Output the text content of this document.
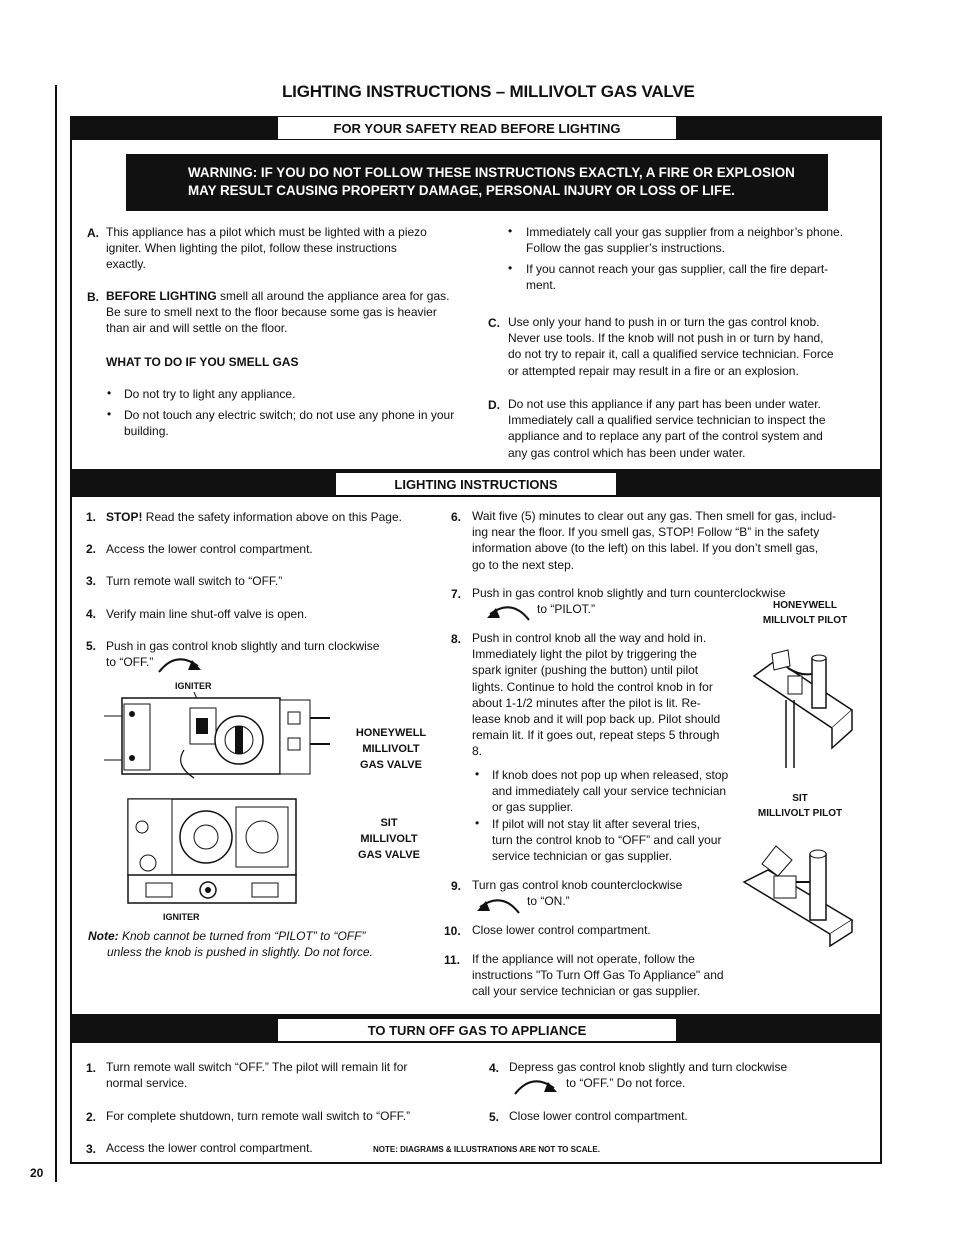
20
LIGHTING INSTRUCTIONS – MILLIVOLT GAS VALVE
FOR YOUR SAFETY READ BEFORE LIGHTING
WARNING: IF YOU DO NOT FOLLOW THESE INSTRUCTIONS EXACTLY, A FIRE OR EXPLOSION
MAY RESULT CAUSING PROPERTY DAMAGE, PERSONAL INJURY OR LOSS OF LIFE.
A. This appliance has a pilot which must be lighted with a piezo
igniter. When lighting the pilot, follow these instructions
exactly.
B. BEFORE LIGHTING smell all around the appliance area for gas.
Be sure to smell next to the floor because some gas is heavier
than air and will settle on the floor.
WHAT TO DO IF YOU SMELL GAS
• Do not try to light any appliance.
• Do not touch any electric switch; do not use any phone in your
building.
• Immediately call your gas supplier from a neighbor’s phone.
Follow the gas supplier’s instructions.
• If you cannot reach your gas supplier, call the fire depart-
ment.
C. Use only your hand to push in or turn the gas control knob.
Never use tools. If the knob will not push in or turn by hand,
do not try to repair it, call a qualified service technician. Force
or attempted repair may result in a fire or an explosion.
D. Do not use this appliance if any part has been under water.
Immediately call a qualified service technician to inspect the
appliance and to replace any part of the control system and
any gas control which has been under water.
LIGHTING INSTRUCTIONS
1. STOP! Read the safety information above on this Page.
2. Access the lower control compartment.
3. Turn remote wall switch to “OFF.”
4. Verify main line shut-off valve is open.
5. Push in gas control knob slightly and turn clockwise
to “OFF.”
IGNITER
HONEYWELL
MILLIVOLT
GAS VALVE
SIT
MILLIVOLT
GAS VALVE
IGNITER
Note: Knob cannot be turned from “PILOT” to “OFF”
unless the knob is pushed in slightly. Do not force.
6. Wait five (5) minutes to clear out any gas. Then smell for gas, includ-
ing near the floor. If you smell gas, STOP! Follow “B” in the safety
information above (to the left) on this label. If you don’t smell gas,
go to the next step.
7. Push in gas control knob slightly and turn counterclockwise
to “PILOT.”
8. Push in control knob all the way and hold in.
Immediately light the pilot by triggering the
spark igniter (pushing the button) until pilot
lights. Continue to hold the control knob in for
about 1-1/2 minutes after the pilot is lit. Re-
lease knob and it will pop back up. Pilot should
remain lit. If it goes out, repeat steps 5 through
8.
• If knob does not pop up when released, stop
and immediately call your service technician
or gas supplier.
• If pilot will not stay lit after several tries,
turn the control knob to “OFF” and call your
service technician or gas supplier.
9. Turn gas control knob counterclockwise
to “ON.”
10. Close lower control compartment.
11. If the appliance will not operate, follow the
instructions "To Turn Off Gas To Appliance" and
call your service technician or gas supplier.
HONEYWELL
MILLIVOLT PILOT
SIT
MILLIVOLT PILOT
TO TURN OFF GAS TO APPLIANCE
1. Turn remote wall switch “OFF.” The pilot will remain lit for
normal service.
2. For complete shutdown, turn remote wall switch to “OFF.”
3. Access the lower control compartment.	NOTE: DIAGRAMS & ILLUSTRATIONS ARE NOT TO SCALE.
4. Depress gas control knob slightly and turn clockwise
to “OFF.” Do not force.
5. Close lower control compartment.
